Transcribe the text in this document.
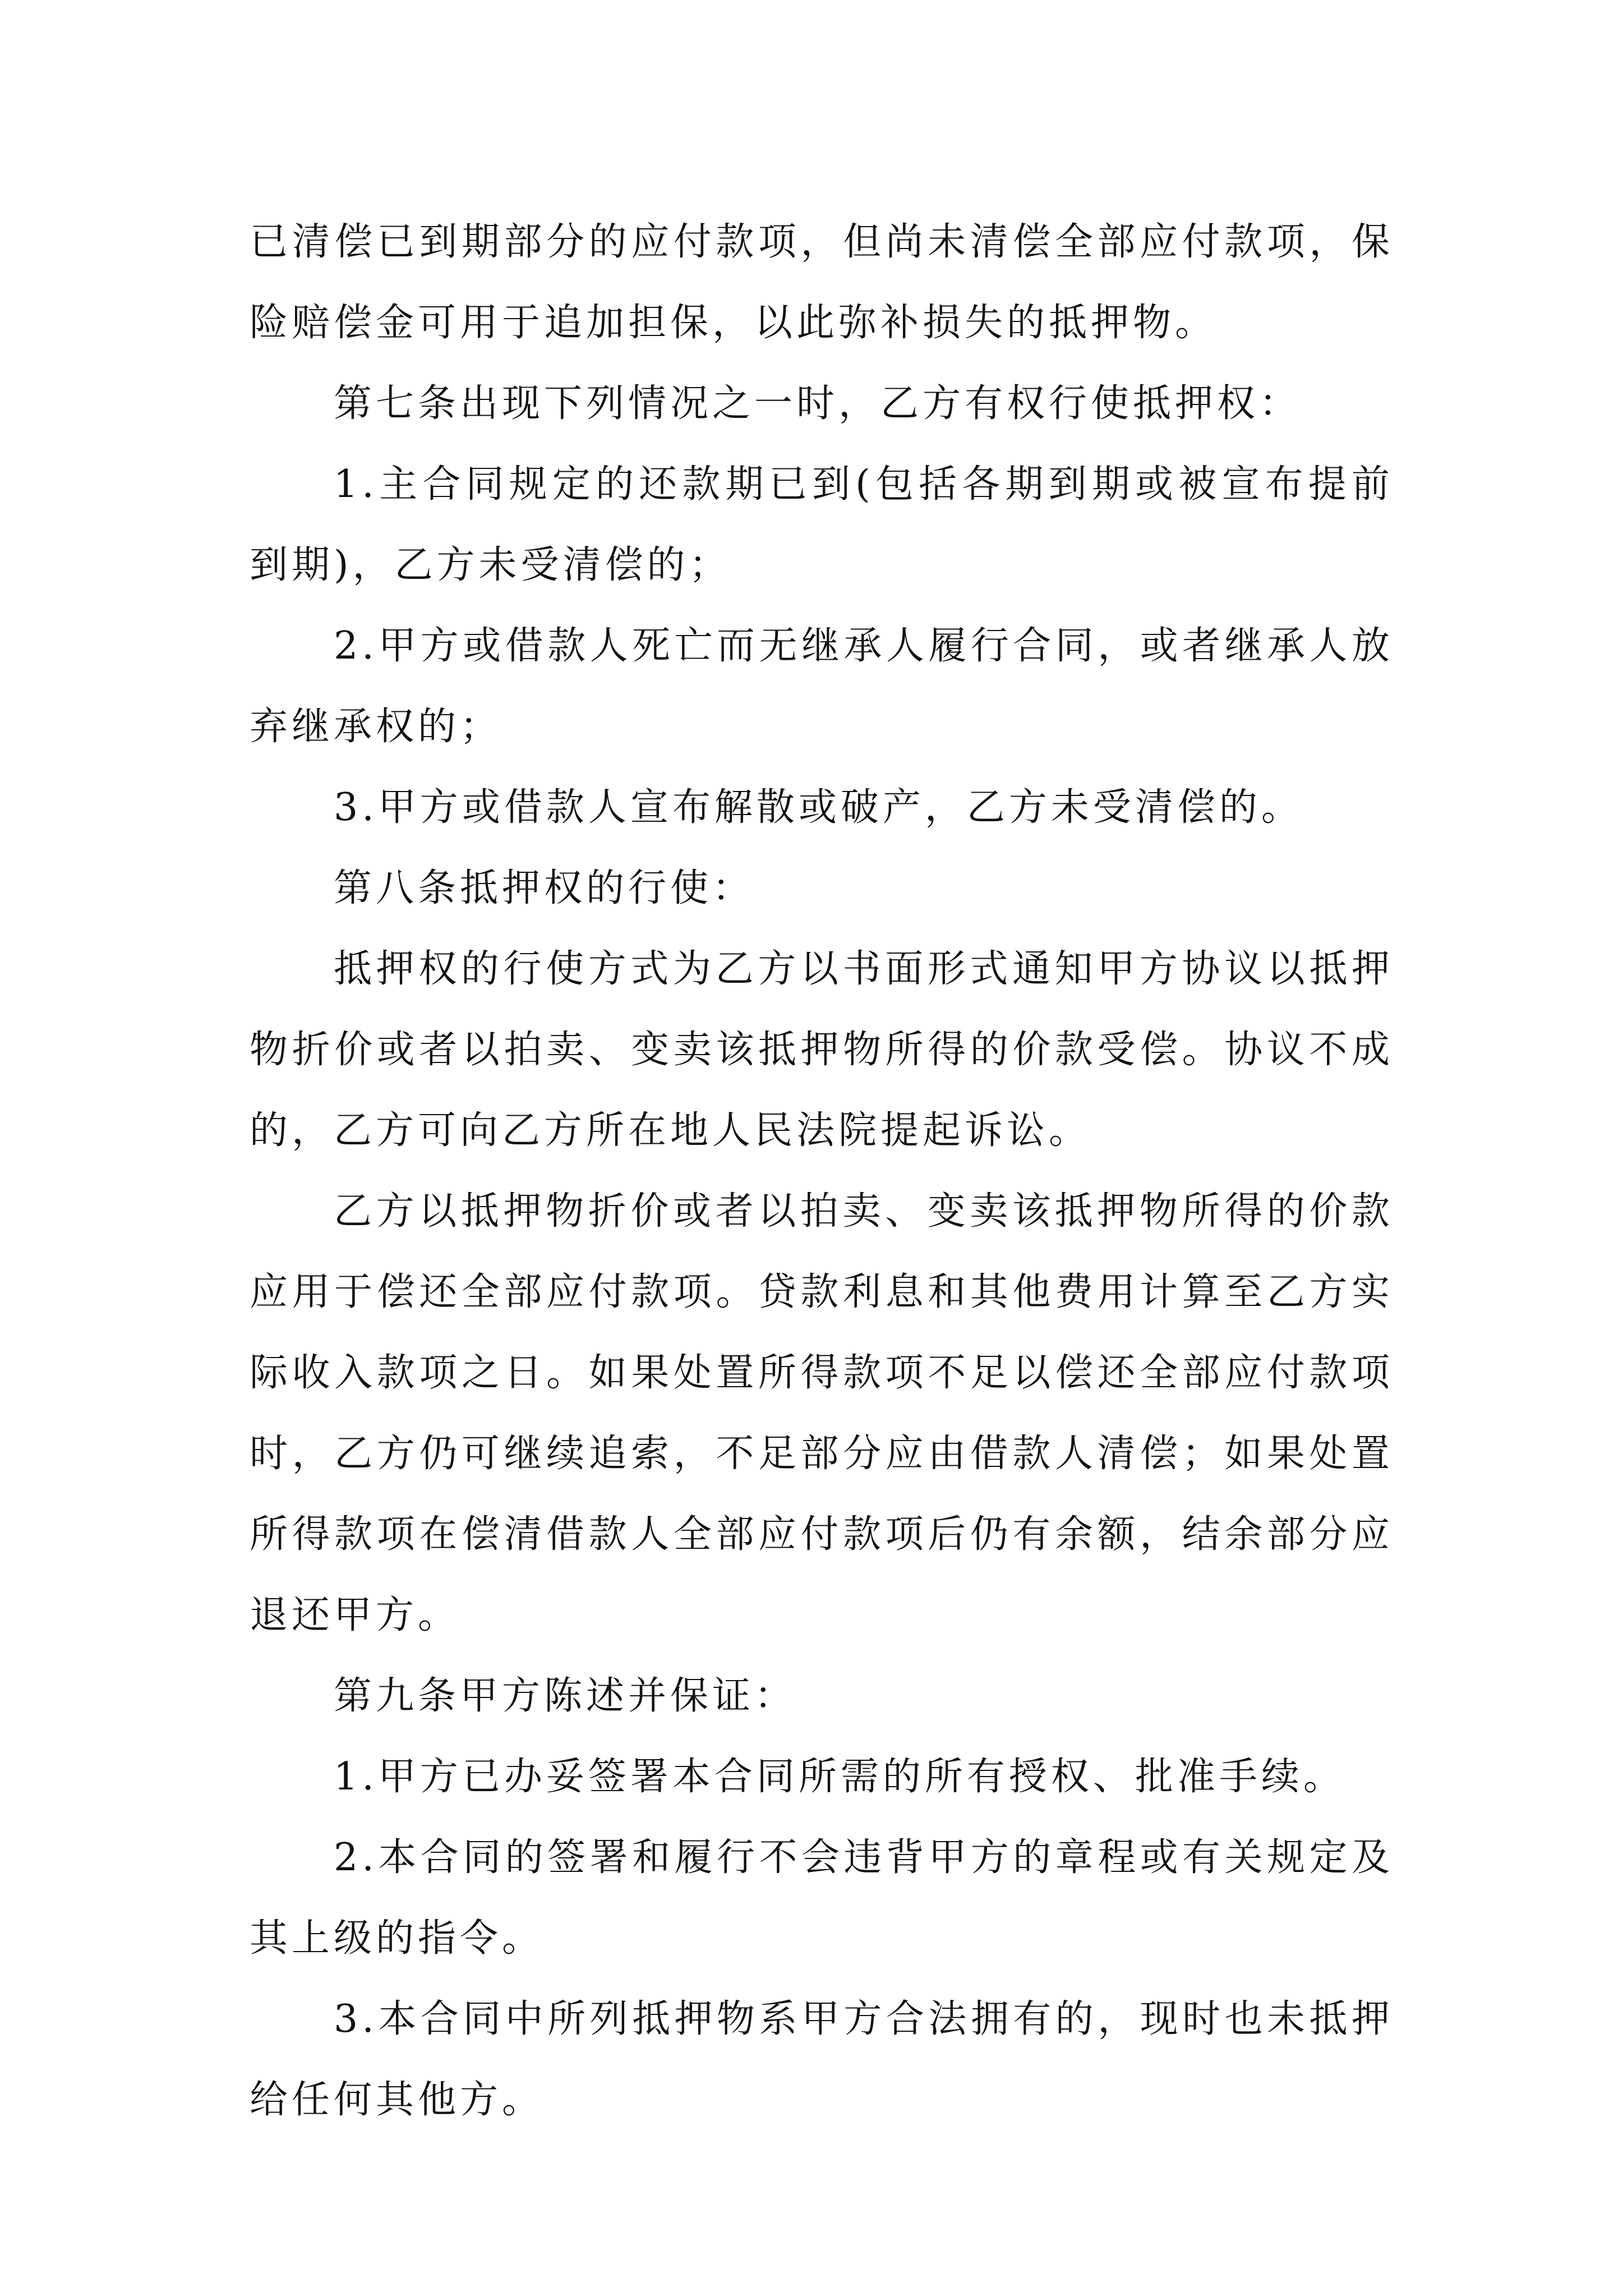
已清偿已到期部分的应付款项，但尚未清偿全部应付款项，保险赔偿金可用于追加担保，以此弥补损失的抵押物。

第七条出现下列情况之一时，乙方有权行使抵押权：

1.主合同规定的还款期已到(包括各期到期或被宣布提前到期)，乙方未受清偿的；

2.甲方或借款人死亡而无继承人履行合同，或者继承人放弃继承权的；

3.甲方或借款人宣布解散或破产，乙方未受清偿的。

第八条抵押权的行使：

抵押权的行使方式为乙方以书面形式通知甲方协议以抵押物折价或者以拍卖、变卖该抵押物所得的价款受偿。协议不成的，乙方可向乙方所在地人民法院提起诉讼。

乙方以抵押物折价或者以拍卖、变卖该抵押物所得的价款应用于偿还全部应付款项。贷款利息和其他费用计算至乙方实际收入款项之日。如果处置所得款项不足以偿还全部应付款项时，乙方仍可继续追索，不足部分应由借款人清偿；如果处置所得款项在偿清借款人全部应付款项后仍有余额，结余部分应退还甲方。

第九条甲方陈述并保证：

1.甲方已办妥签署本合同所需的所有授权、批准手续。

2.本合同的签署和履行不会违背甲方的章程或有关规定及其上级的指令。

3.本合同中所列抵押物系甲方合法拥有的，现时也未抵押给任何其他方。
